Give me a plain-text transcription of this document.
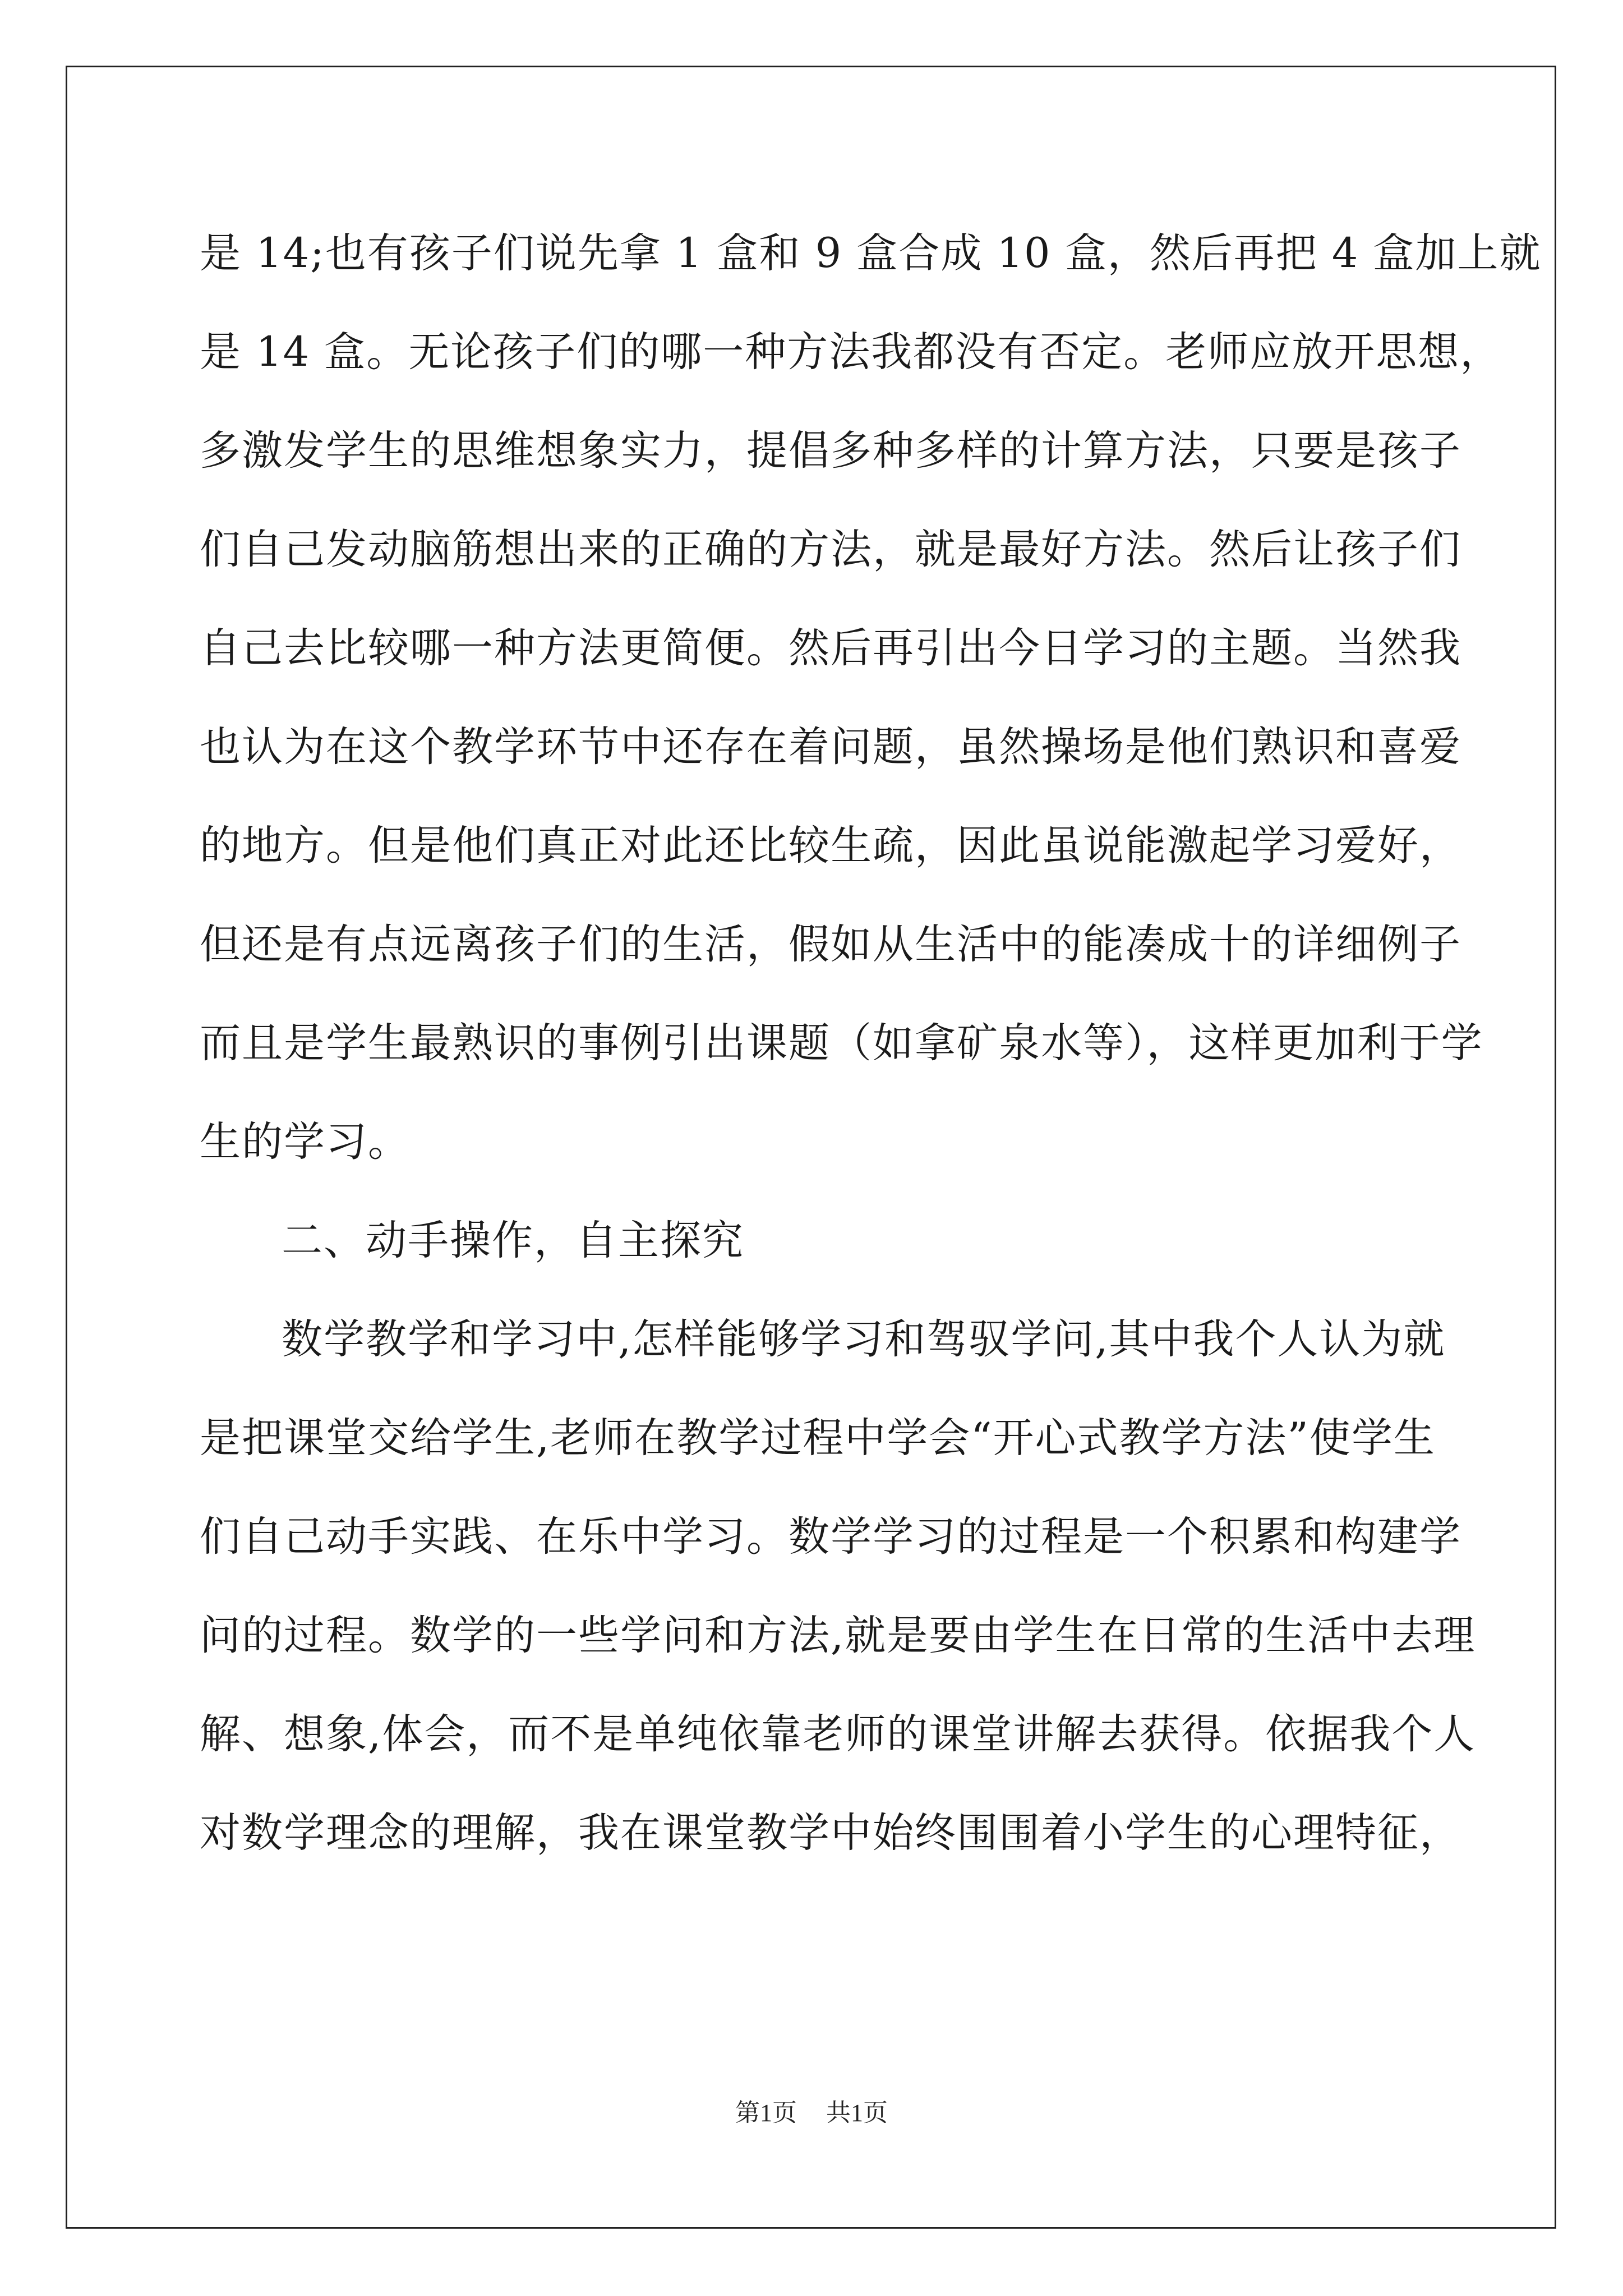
是 14;也有孩子们说先拿 1 盒和 9 盒合成 10 盒，然后再把 4 盒加上就
是 14 盒。无论孩子们的哪一种方法我都没有否定。老师应放开思想，
多激发学生的思维想象实力，提倡多种多样的计算方法，只要是孩子
们自己发动脑筋想出来的正确的方法，就是最好方法。然后让孩子们
自己去比较哪一种方法更简便。然后再引出今日学习的主题。当然我
也认为在这个教学环节中还存在着问题，虽然操场是他们熟识和喜爱
的地方。但是他们真正对此还比较生疏，因此虽说能激起学习爱好，
但还是有点远离孩子们的生活，假如从生活中的能凑成十的详细例子
而且是学生最熟识的事例引出课题（如拿矿泉水等），这样更加利于学
生的学习。
二、动手操作，自主探究
数学教学和学习中,怎样能够学习和驾驭学问,其中我个人认为就
是把课堂交给学生,老师在教学过程中学会“开心式教学方法”使学生
们自己动手实践、在乐中学习。数学学习的过程是一个积累和构建学
问的过程。数学的一些学问和方法,就是要由学生在日常的生活中去理
解、想象,体会，而不是单纯依靠老师的课堂讲解去获得。依据我个人
对数学理念的理解，我在课堂教学中始终围围着小学生的心理特征，
第1页 共1页
